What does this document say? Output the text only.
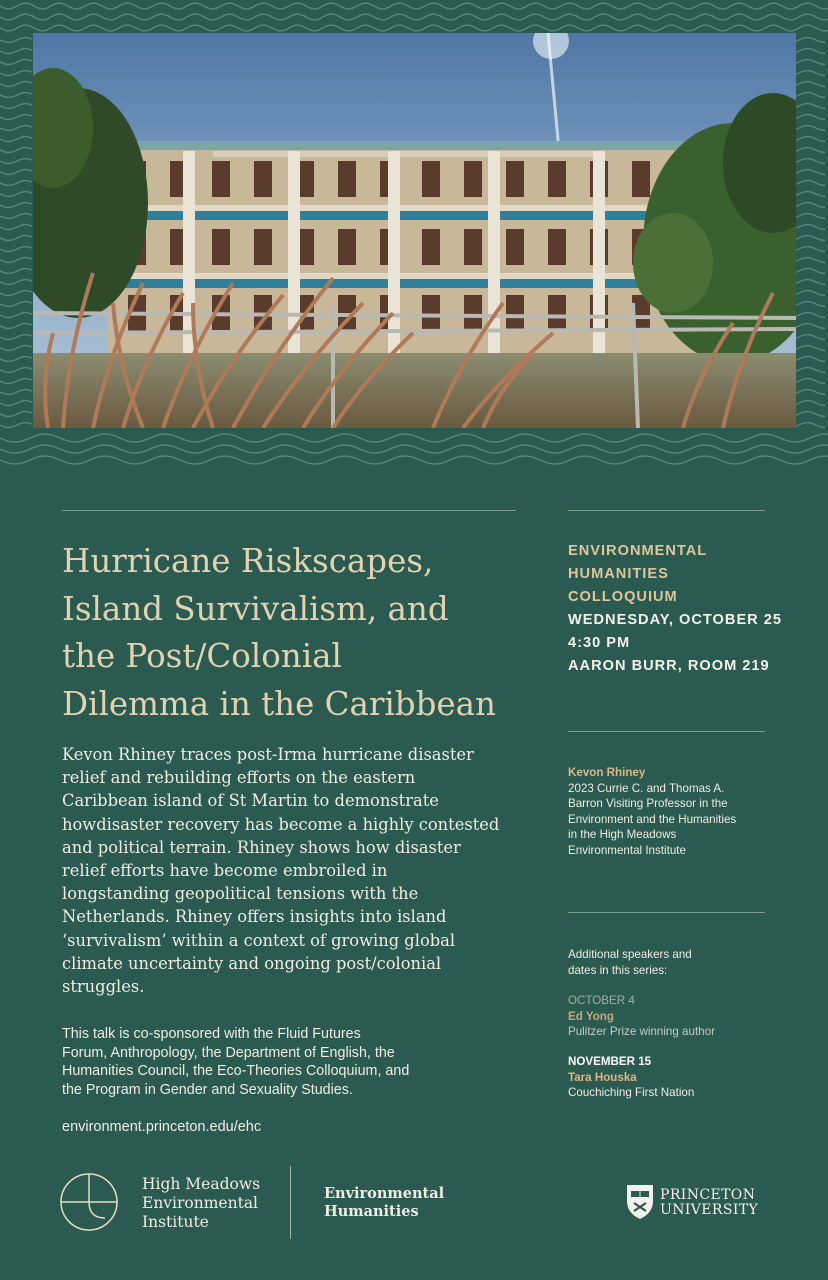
Hurricane Riskscapes,
Island Survivalism, and
the Post/Colonial
Dilemma in the Caribbean
Kevon Rhiney traces post-Irma hurricane disaster
relief and rebuilding efforts on the eastern
Caribbean island of St Martin to demonstrate
howdisaster recovery has become a highly contested
and political terrain. Rhiney shows how disaster
relief efforts have become embroiled in
longstanding geopolitical tensions with the
Netherlands. Rhiney offers insights into island
‘survivalism’ within a context of growing global
climate uncertainty and ongoing post/colonial
struggles.
This talk is co-sponsored with the Fluid Futures
Forum, Anthropology, the Department of English, the
Humanities Council, the Eco-Theories Colloquium, and
the Program in Gender and Sexuality Studies.
environment.princeton.edu/ehc
ENVIRONMENTAL
HUMANITIES
COLLOQUIUM
WEDNESDAY, OCTOBER 25
4:30 PM
AARON BURR, ROOM 219
Kevon Rhiney
2023 Currie C. and Thomas A.
Barron Visiting Professor in the
Environment and the Humanities
in the High Meadows
Environmental Institute
Additional speakers and
dates in this series:
OCTOBER 4
Ed Yong
Pulitzer Prize winning author
NOVEMBER 15
Tara Houska
Couchiching First Nation
High Meadows
Environmental
Institute
Environmental
Humanities
PRINCETON
UNIVERSITY
